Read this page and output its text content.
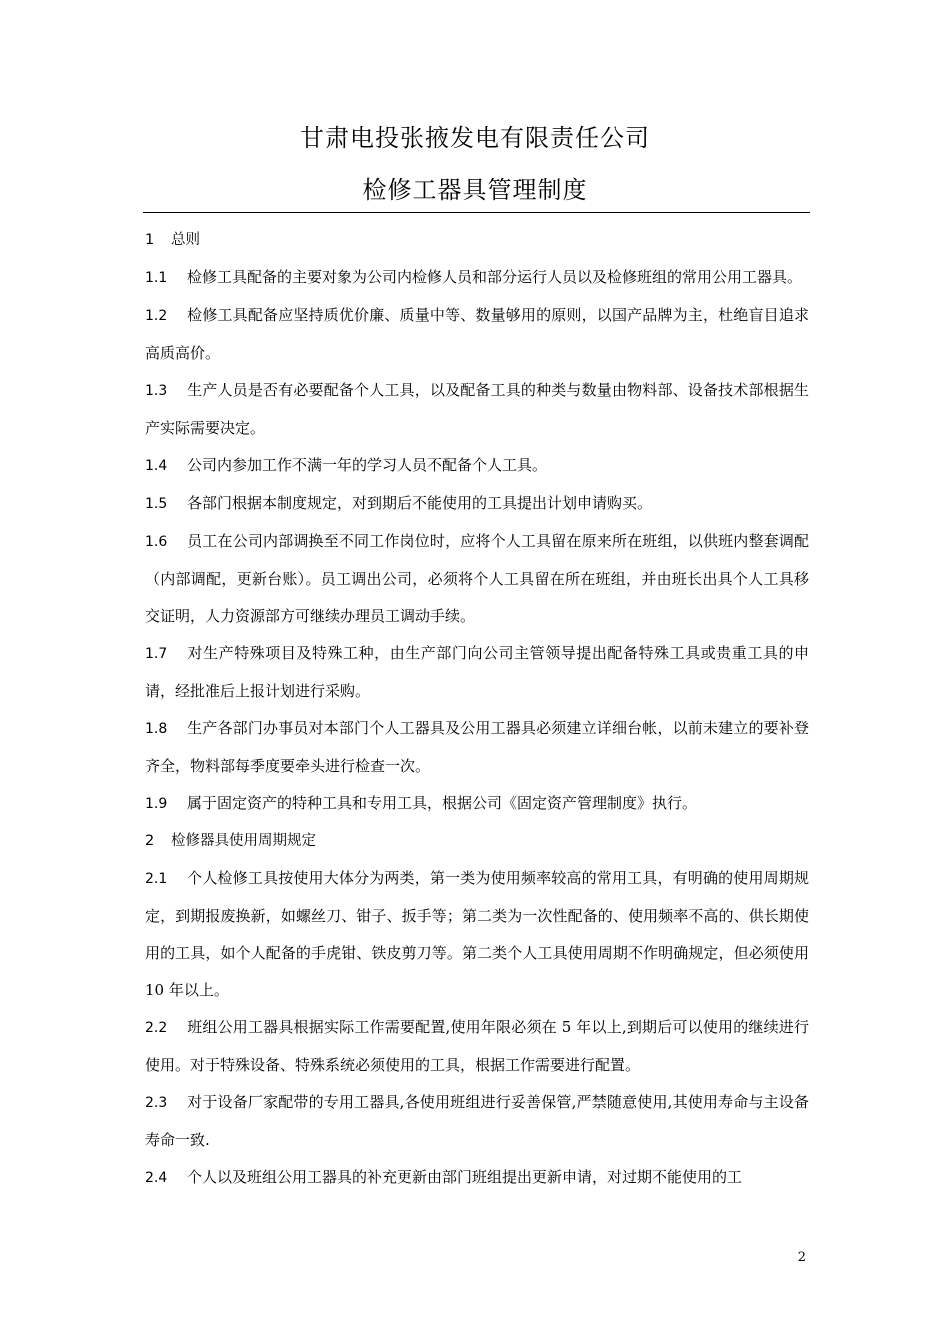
甘肃电投张掖发电有限责任公司
检修工器具管理制度

1 总则

1.1 检修工具配备的主要对象为公司内检修人员和部分运行人员以及检修班组的常用公用工器具。

1.2 检修工具配备应坚持质优价廉、质量中等、数量够用的原则，以国产品牌为主，杜绝盲目追求高质高价。

1.3 生产人员是否有必要配备个人工具，以及配备工具的种类与数量由物料部、设备技术部根据生产实际需要决定。

1.4 公司内参加工作不满一年的学习人员不配备个人工具。

1.5 各部门根据本制度规定，对到期后不能使用的工具提出计划申请购买。

1.6 员工在公司内部调换至不同工作岗位时，应将个人工具留在原来所在班组，以供班内整套调配（内部调配，更新台账）。员工调出公司，必须将个人工具留在所在班组，并由班长出具个人工具移交证明，人力资源部方可继续办理员工调动手续。

1.7 对生产特殊项目及特殊工种，由生产部门向公司主管领导提出配备特殊工具或贵重工具的申请，经批准后上报计划进行采购。

1.8 生产各部门办事员对本部门个人工器具及公用工器具必须建立详细台帐，以前未建立的要补登齐全，物料部每季度要牵头进行检查一次。

1.9 属于固定资产的特种工具和专用工具，根据公司《固定资产管理制度》执行。

2 检修器具使用周期规定

2.1 个人检修工具按使用大体分为两类，第一类为使用频率较高的常用工具，有明确的使用周期规定，到期报废换新，如螺丝刀、钳子、扳手等；第二类为一次性配备的、使用频率不高的、供长期使用的工具，如个人配备的手虎钳、铁皮剪刀等。第二类个人工具使用周期不作明确规定，但必须使用 10 年以上。

2.2 班组公用工器具根据实际工作需要配置,使用年限必须在 5 年以上,到期后可以使用的继续进行使用。对于特殊设备、特殊系统必须使用的工具，根据工作需要进行配置。

2.3 对于设备厂家配带的专用工器具,各使用班组进行妥善保管,严禁随意使用,其使用寿命与主设备寿命一致.

2.4 个人以及班组公用工器具的补充更新由部门班组提出更新申请，对过期不能使用的工

2
